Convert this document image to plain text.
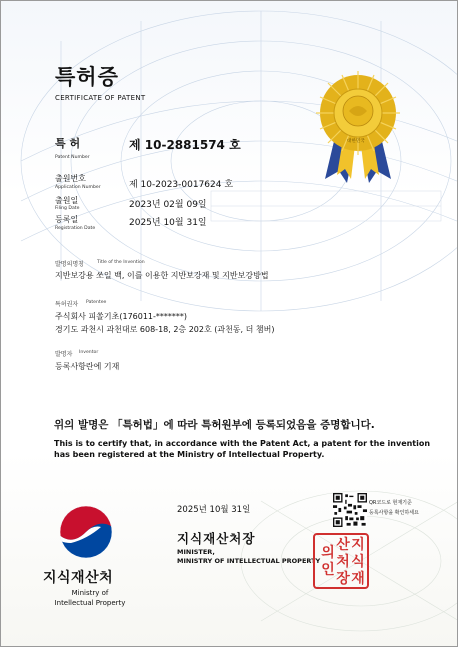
특허증
CERTIFICATE OF PATENT
대한민국
특 허
Patent Number
제 10-2881574 호
출원번호
Application Number	제 10-2023-0017624 호
출원일
Filing Date	2023년 02월 09일
등록일
Registration Date
2025년 10월 31일
발명의명칭	Title of the Invention
지반보강용 쏘일 백, 이를 이용한 지반보강재 및 지반보강방법
특허권자 Patentee
주식회사 피쏠기초(176011-*******)
경기도 과천시 과천대로 608-18, 2층 202호 (과천동, 더 챔버)
발명자 Inventor
등록사항란에 기재
위의 발명은 「특허법」에 따라 특허원부에 등록되었음을 증명합니다.
This is to certify that, in accordance with the Patent Act, a patent for the invention
has been registered at the Ministry of Intellectual Property.
지식재산처
Ministry of
Intellectual Property
2025년 10월 31일
지식재산처장
MINISTER,
MINISTRY OF INTELLECTUAL PROPERTY
QR코드로 현재기준
등록사항을 확인하세요
지
식
재
산
처
장
의
인
